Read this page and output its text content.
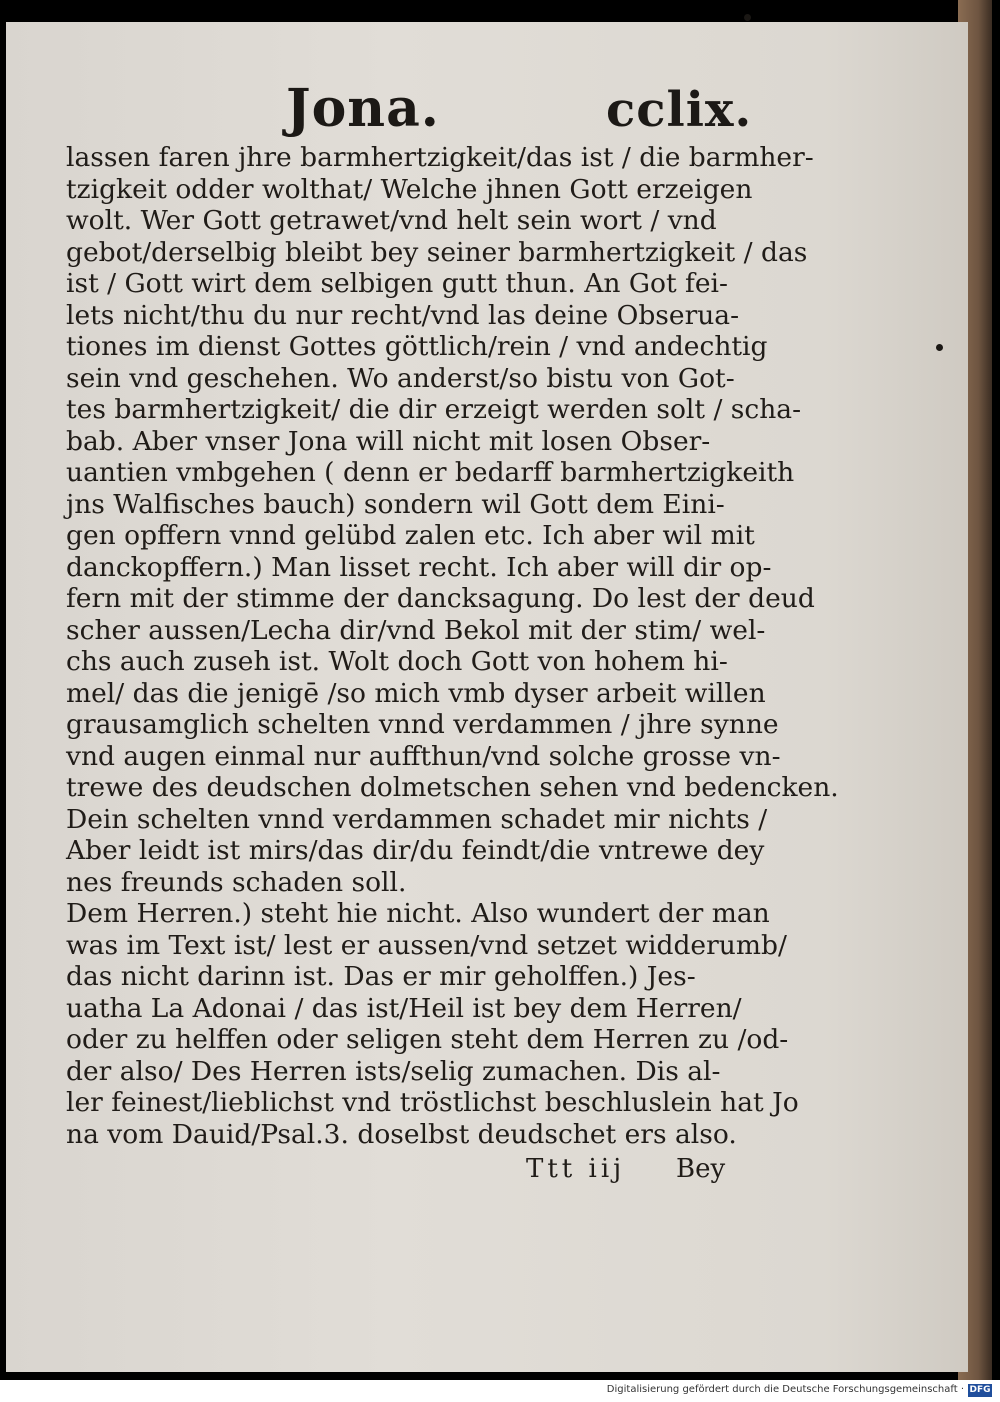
Jona.	cclix.
lassen faren jhre barmhertzigkeit/das ist / die barmher-
tzigkeit odder wolthat/ Welche jhnen Gott erzeigen
wolt. Wer Gott getrawet/vnd helt sein wort / vnd
gebot/derselbig bleibt bey seiner barmhertzigkeit / das
ist / Gott wirt dem selbigen gutt thun. An Got fei-
lets nicht/thu du nur recht/vnd las deine Obserua-
tiones im dienst Gottes göttlich/rein / vnd andechtig
sein vnd geschehen. Wo anderst/so bistu von Got-
tes barmhertzigkeit/ die dir erzeigt werden solt / scha-
bab. Aber vnser Jona will nicht mit losen Obser-
uantien vmbgehen ( denn er bedarff barmhertzigkeith
jns Walfisches bauch) sondern wil Gott dem Eini-
gen opffern vnnd gelübd zalen etc. Ich aber wil mit
danckopffern.) Man lisset recht. Ich aber will dir op-
fern mit der stimme der dancksagung. Do lest der deud
scher aussen/Lecha dir/vnd Bekol mit der stim/ wel-
chs auch zuseh ist. Wolt doch Gott von hohem hi-
mel/ das die jenigē /so mich vmb dyser arbeit willen
grausamglich schelten vnnd verdammen / jhre synne
vnd augen einmal nur auffthun/vnd solche grosse vn-
trewe des deudschen dolmetschen sehen vnd bedencken.
Dein schelten vnnd verdammen schadet mir nichts /
Aber leidt ist mirs/das dir/du feindt/die vntrewe dey
nes freunds schaden soll.
Dem Herren.) steht hie nicht. Also wundert der man
was im Text ist/ lest er aussen/vnd setzet widderumb/
das nicht darinn ist. Das er mir geholffen.) Jes-
uatha La Adonai / das ist/Heil ist bey dem Herren/
oder zu helffen oder seligen steht dem Herren zu /od-
der also/ Des Herren ists/selig zumachen. Dis al-
ler feinest/lieblichst vnd tröstlichst beschluslein hat Jo
na vom Dauid/Psal.3. doselbst deudschet ers also.
Ttt iij Bey
Digitalisierung gefördert durch die Deutsche Forschungsgemeinschaft · DFG
